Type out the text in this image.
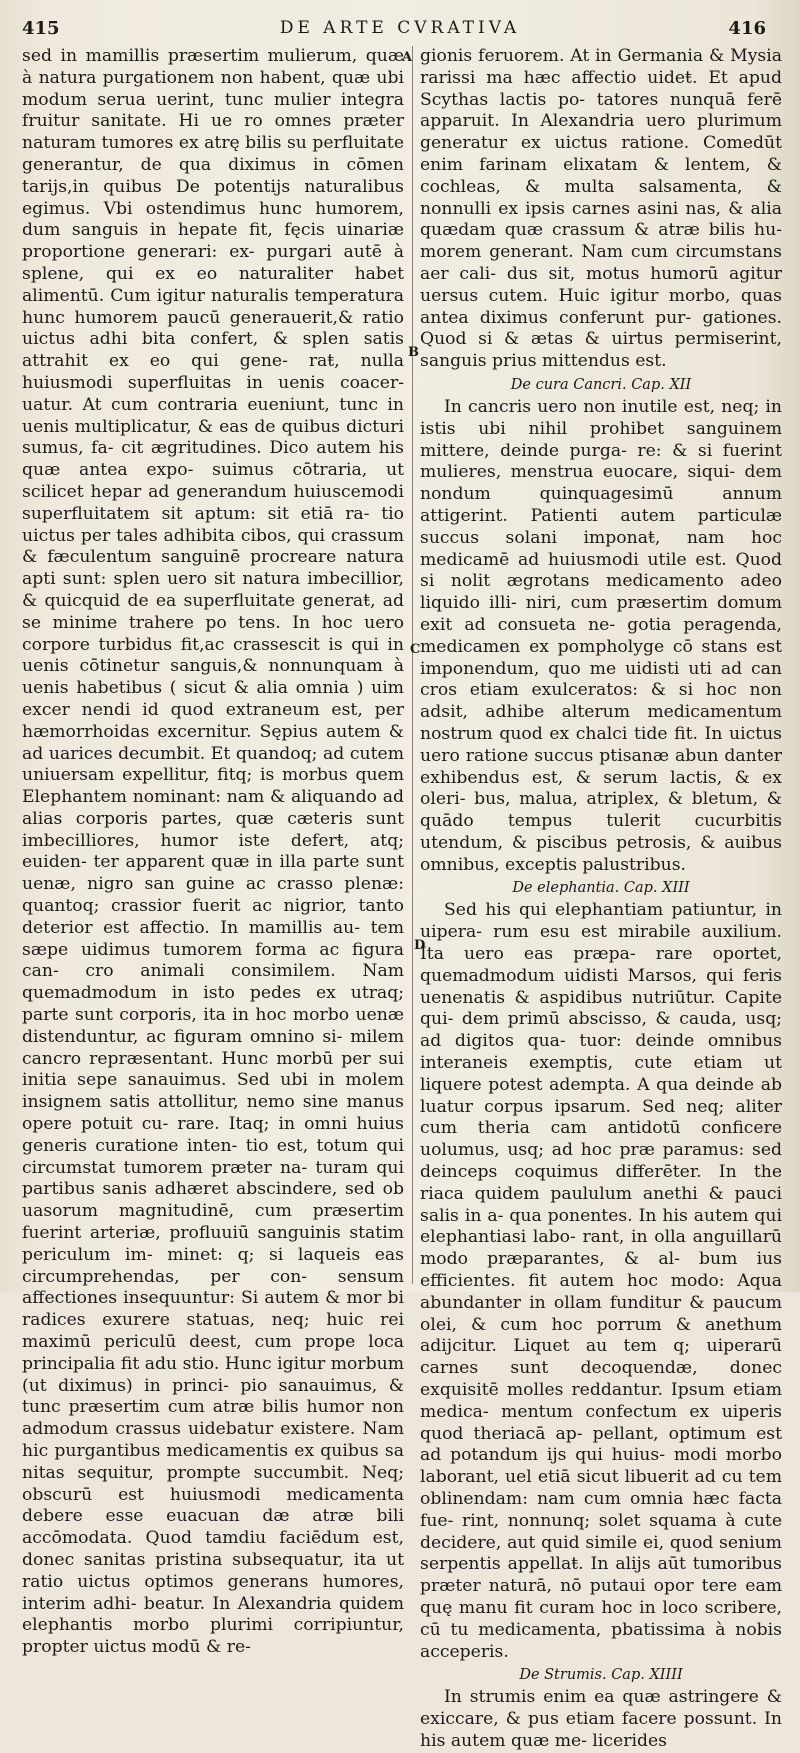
415	DE ARTE CVRATIVA	416
A
B
C
D

sed in mamillis præsertim mulierum, quæ à natura purgationem non habent, quæ ubi modum serua uerint, tunc mulier integra fruitur sanitate. Hi ue ro omnes præter naturam tumores ex atrę bilis su perfluitate generantur, de qua diximus in cōmen tarijs,in quibus De potentijs naturalibus egimus. Vbi ostendimus hunc humorem, dum sanguis in hepate fit, fęcis uinariæ proportione generari: ex- purgari autē à splene, qui ex eo naturaliter habet alimentū. Cum igitur naturalis temperatura hunc humorem paucū generauerit,& ratio uictus adhi bita confert, & splen satis attrahit ex eo qui gene- raŧ, nulla huiusmodi superfluitas in uenis coacer- uatur. At cum contraria eueniunt, tunc in uenis multiplicatur, & eas de quibus dicturi sumus, fa- cit ægritudines. Dico autem his quæ antea expo- suimus cōtraria, ut scilicet hepar ad generandum huiuscemodi superfluitatem sit aptum: sit etiā ra- tio uictus per tales adhibita cibos, qui crassum & fæculentum sanguinē procreare natura apti sunt: splen uero sit natura imbecillior, & quicquid de ea superfluitate generaŧ, ad se minime trahere po tens. In hoc uero corpore turbidus fit,ac crassescit is qui in uenis cōtinetur sanguis,& nonnunquam à uenis habetibus ( sicut & alia omnia ) uim excer nendi id quod extraneum est, per hæmorrhoidas excernitur. Sępius autem & ad uarices decumbit. Et quandoq; ad cutem uniuersam expellitur, fitq; is morbus quem Elephantem nominant: nam & aliquando ad alias corporis partes, quæ cæteris sunt imbecilliores, humor iste deferŧ, atq; euiden- ter apparent quæ in illa parte sunt uenæ, nigro san guine ac crasso plenæ: quantoq; crassior fuerit ac nigrior, tanto deterior est affectio. In mamillis au- tem sæpe uidimus tumorem forma ac figura can- cro animali consimilem. Nam quemadmodum in isto pedes ex utraq; parte sunt corporis, ita in hoc morbo uenæ distenduntur, ac figuram omnino si- milem cancro repræsentant. Hunc morbū per sui initia sepe sanauimus. Sed ubi in molem insignem satis attollitur, nemo sine manus opere potuit cu- rare. Itaq; in omni huius generis curatione inten- tio est, totum qui circumstat tumorem præter na- turam qui partibus sanis adhæret abscindere, sed ob uasorum magnitudinē, cum præsertim fuerint arteriæ, profluuiū sanguinis statim periculum im- minet: q; si laqueis eas circumprehendas, per con- sensum affectiones insequuntur: Si autem & mor bi radices exurere statuas, neq; huic rei maximū periculū deest, cum prope loca principalia fit adu stio. Hunc igitur morbum (ut diximus) in princi- pio sanauimus, & tunc præsertim cum atræ bilis humor non admodum crassus uidebatur existere. Nam hic purgantibus medicamentis ex quibus sa nitas sequitur, prompte succumbit. Neq; obscurū est huiusmodi medicamenta debere esse euacuan dæ atræ bili accōmodata. Quod tamdiu faciēdum est, donec sanitas pristina subsequatur, ita ut ratio uictus optimos generans humores, interim adhi- beatur. In Alexandria quidem elephantis morbo plurimi corripiuntur, propter uictus modū & re-

gionis feruorem. At in Germania & Mysia rarissi ma hæc affectio uideŧ. Et apud Scythas lactis po- tatores nunquā ferē apparuit. In Alexandria uero plurimum generatur ex uictus ratione. Comedūt enim farinam elixatam & lentem, & cochleas, & multa salsamenta, & nonnulli ex ipsis carnes asini nas, & alia quædam quæ crassum & atræ bilis hu- morem generant. Nam cum circumstans aer cali- dus sit, motus humorū agitur uersus cutem. Huic igitur morbo, quas antea diximus conferunt pur- gationes. Quod si & ætas & uirtus permiserint, sanguis prius mittendus est.

De cura Cancri. Cap. XII

In cancris uero non inutile est, neq; in istis ubi nihil prohibet sanguinem mittere, deinde purga- re: & si fuerint mulieres, menstrua euocare, siqui- dem nondum quinquagesimū annum attigerint. Patienti autem particulæ succus solani imponaŧ, nam hoc medicamē ad huiusmodi utile est. Quod si nolit ægrotans medicamento adeo liquido illi- niri, cum præsertim domum exit ad consueta ne- gotia peragenda, medicamen ex pompholyge cō stans est imponendum, quo me uidisti uti ad can cros etiam exulceratos: & si hoc non adsit, adhibe alterum medicamentum nostrum quod ex chalci tide fit. In uictus uero ratione succus ptisanæ abun danter exhibendus est, & serum lactis, & ex oleri- bus, malua, atriplex, & bletum, & quādo tempus tulerit cucurbitis utendum, & piscibus petrosis, & auibus omnibus, exceptis palustribus.

De elephantia. Cap. XIII

Sed his qui elephantiam patiuntur, in uipera- rum esu est mirabile auxilium. Ita uero eas præpa- rare oportet, quemadmodum uidisti Marsos, qui feris uenenatis & aspidibus nutriūtur. Capite qui- dem primū abscisso, & cauda, usq; ad digitos qua- tuor: deinde omnibus interaneis exemptis, cute etiam ut liquere potest adempta. A qua deinde ab luatur corpus ipsarum. Sed neq; aliter cum theria cam antidotū conficere uolumus, usq; ad hoc præ paramus: sed deinceps coquimus differēter. In the riaca quidem paululum anethi & pauci salis in a- qua ponentes. In his autem qui elephantiasi labo- rant, in olla anguillarū modo præparantes, & al- bum ius efficientes. fit autem hoc modo: Aqua abundanter in ollam funditur & paucum olei, & cum hoc porrum & anethum adijcitur. Liquet au tem q; uiperarū carnes sunt decoquendæ, donec exquisitē molles reddantur. Ipsum etiam medica- mentum confectum ex uiperis quod theriacā ap- pellant, optimum est ad potandum ijs qui huius- modi morbo laborant, uel etiā sicut libuerit ad cu tem oblinendam: nam cum omnia hæc facta fue- rint, nonnunq; solet squama à cute decidere, aut quid simile ei, quod senium serpentis appellaŧ. In alijs aūt tumoribus præter naturā, nō putaui opor tere eam quę manu fit curam hoc in loco scribere, cū tu medicamenta, pbatissima à nobis acceperis.

De Strumis. Cap. XIIII

In strumis enim ea quæ astringere & exiccare, & pus etiam facere possunt. In his autem quæ me- licerides
